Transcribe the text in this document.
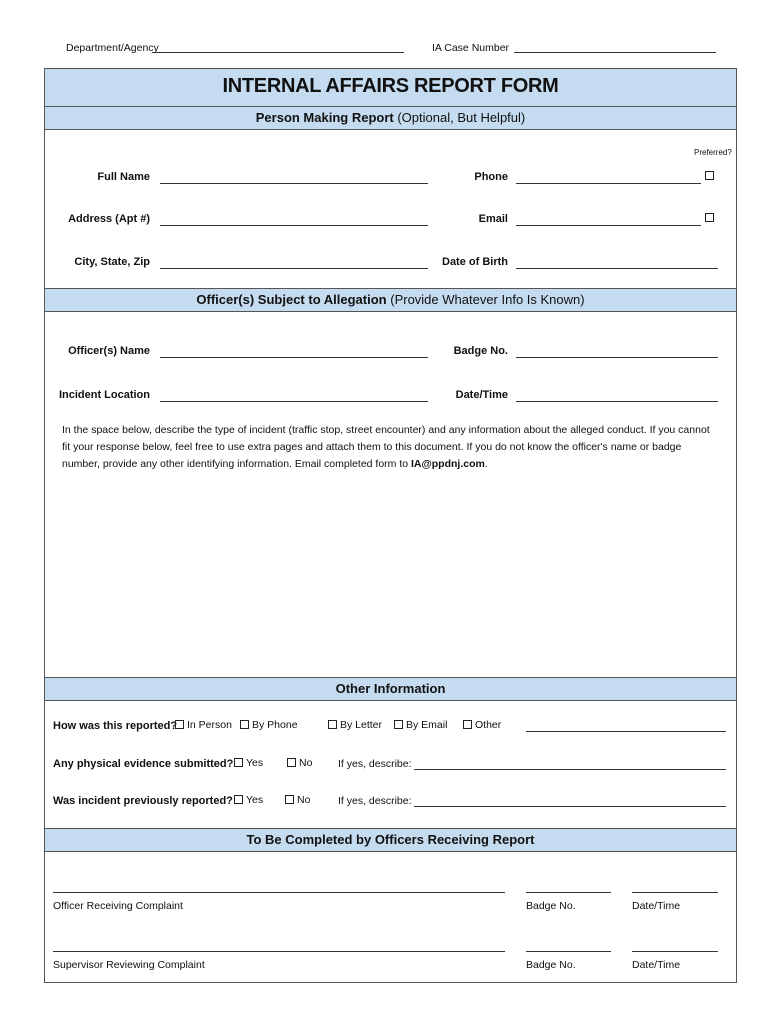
Department/Agency	IA Case Number
INTERNAL AFFAIRS REPORT FORM
Person Making Report (Optional, But Helpful)
Preferred?
Full Name	Phone
Address (Apt #)	Email
City, State, Zip	Date of Birth
Officer(s) Subject to Allegation (Provide Whatever Info Is Known)
Officer(s) Name	Badge No.
Incident Location	Date/Time
In the space below, describe the type of incident (traffic stop, street encounter) and any information about the alleged conduct. If you cannot
fit your response below, feel free to use extra pages and attach them to this document. If you do not know the officer's name or badge
number, provide any other identifying information. Email completed form to IA@ppdnj.com.
Other Information
How was this reported? In Person	By Phone	By Letter	By Email	Other
Any physical evidence submitted?	Yes	No If yes, describe:
Was incident previously reported?	Yes	No	If yes, describe:
To Be Completed by Officers Receiving Report
Officer Receiving Complaint	Badge No.	Date/Time
Supervisor Reviewing Complaint	Badge No.	Date/Time
